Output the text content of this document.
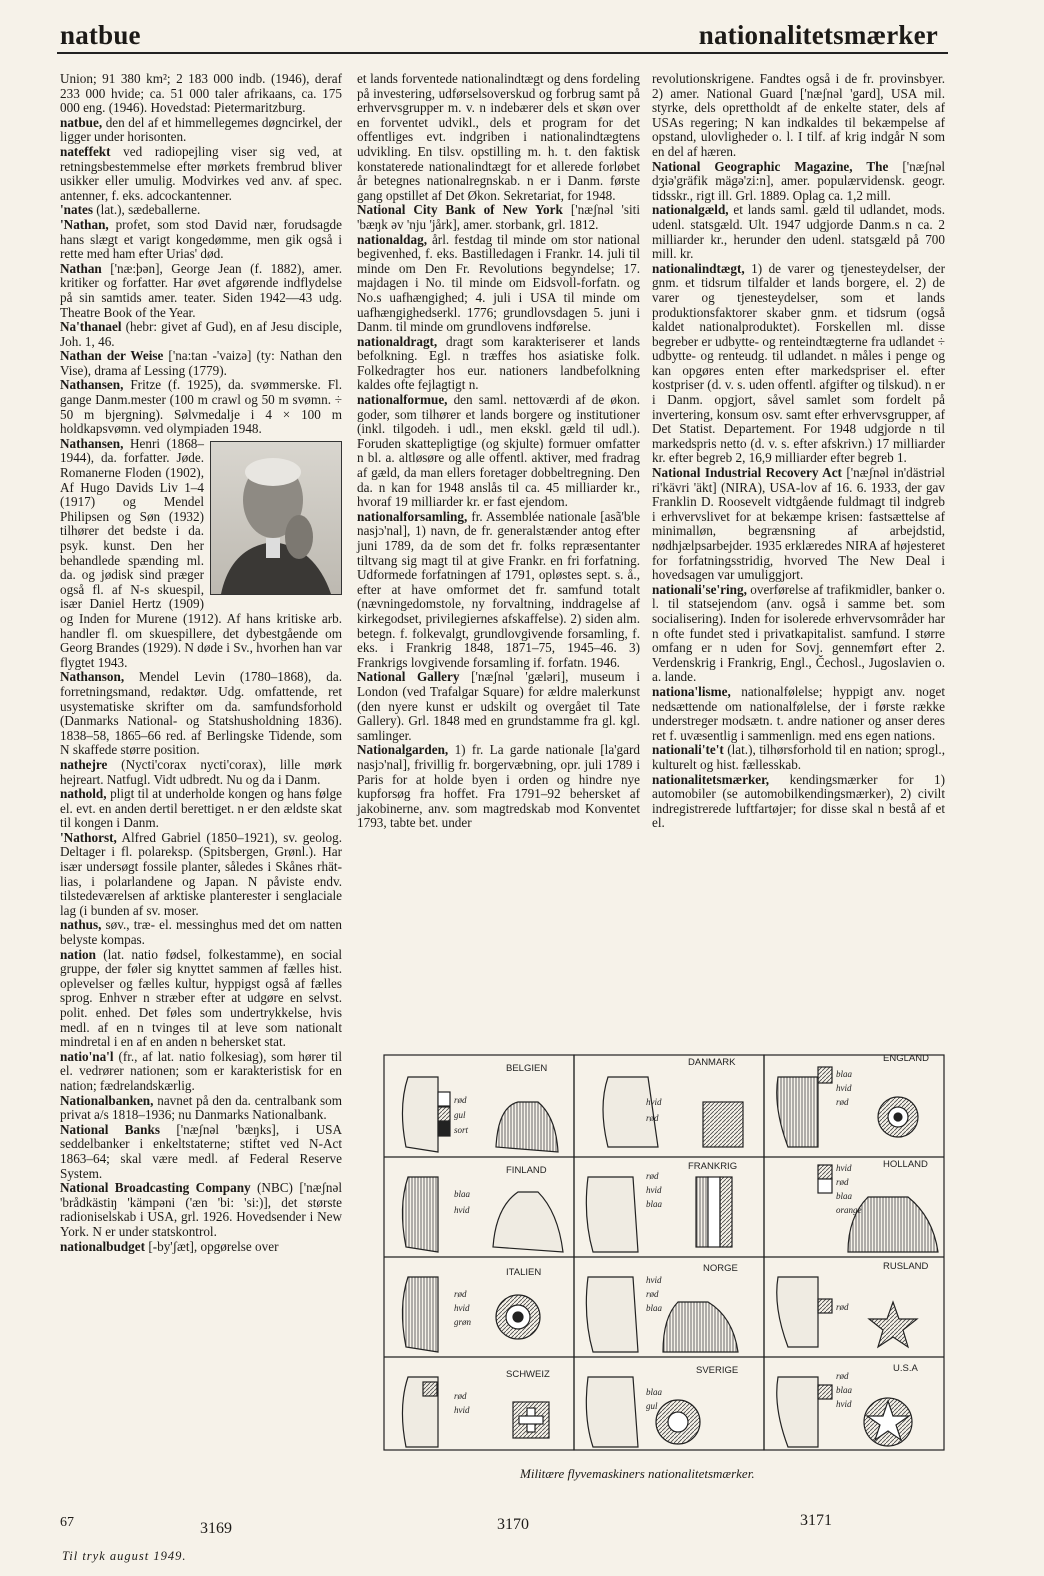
natbue	nationalitetsmærker

Union; 91 380 km²; 2 183 000 indb. (1946), deraf 233 000 hvide; ca. 51 000 taler afrikaans, ca. 175 000 eng. (1946). Hovedstad: Pietermaritzburg.

natbue, den del af et himmellegemes døgncirkel, der ligger under horisonten.

nateffekt ved radiopejling viser sig ved, at retningsbestemmelse efter mørkets frembrud bliver usikker eller umulig. Modvirkes ved anv. af spec. antenner, f. eks. adcockantenner.

'nates (lat.), sædeballerne.

'Nathan, profet, som stod David nær, forudsagde hans slægt et varigt kongedømme, men gik også i rette med ham efter Urias' død.

Nathan ['næ:þən], George Jean (f. 1882), amer. kritiker og forfatter. Har øvet afgørende indflydelse på sin samtids amer. teater. Siden 1942—43 udg. Theatre Book of the Year.

Na'thanael (hebr: givet af Gud), en af Jesu disciple, Joh. 1, 46.

Nathan der Weise ['na:tan -'vaizə] (ty: Nathan den Vise), drama af Lessing (1779).

Nathansen, Fritze (f. 1925), da. svømmerske. Fl. gange Danm.mester (100 m crawl og 50 m svømn. ÷ 50 m bjergning). Sølvmedalje i 4 × 100 m holdkapsvømn. ved olympiaden 1948.

Nathansen, Henri (1868–1944), da. forfatter. Jøde. Romanerne Floden (1902), Af Hugo Davids Liv 1–4 (1917) og Mendel Philipsen og Søn (1932) tilhører det bedste i da. psyk. kunst. Den her behandlede spænding ml. da. og jødisk sind præger også fl. af N-s skuespil, især Daniel Hertz (1909) og Inden for Murene (1912). Af hans kritiske arb. handler fl. om skuespillere, det dybestgående om Georg Brandes (1929). N døde i Sv., hvorhen han var flygtet 1943.

Nathanson, Mendel Levin (1780–1868), da. forretningsmand, redaktør. Udg. omfattende, ret usystematiske skrifter om da. samfundsforhold (Danmarks National- og Statshusholdning 1836). 1838–58, 1865–66 red. af Berlingske Tidende, som N skaffede større position.

nathejre (Nycti'corax nycti'corax), lille mørk hejreart. Natfugl. Vidt udbredt. Nu og da i Danm.

nathold, pligt til at underholde kongen og hans følge el. evt. en anden dertil berettiget. n er den ældste skat til kongen i Danm.

'Nathorst, Alfred Gabriel (1850–1921), sv. geolog. Deltager i fl. polareksp. (Spitsbergen, Grønl.). Har især undersøgt fossile planter, således i Skånes rhät-lias, i polarlandene og Japan. N påviste endv. tilstedeværelsen af arktiske planterester i senglaciale lag (i bunden af sv. moser.

nathus, søv., træ- el. messinghus med det om natten belyste kompas.

nation (lat. natio fødsel, folkestamme), en social gruppe, der føler sig knyttet sammen af fælles hist. oplevelser og fælles kultur, hyppigst også af fælles sprog. Enhver n stræber efter at udgøre en selvst. polit. enhed. Det føles som undertrykkelse, hvis medl. af en n tvinges til at leve som nationalt mindretal i en af en anden n behersket stat.

natio'na'l (fr., af lat. natio folkesiag), som hører til el. vedrører nationen; som er karakteristisk for en nation; fædrelandskærlig.

Nationalbanken, navnet på den da. centralbank som privat a/s 1818–1936; nu Danmarks Nationalbank.

National Banks ['næʃnəl 'bæŋks], i USA seddelbanker i enkeltstaterne; stiftet ved N-Act 1863–64; skal være medl. af Federal Reserve System.

National Broadcasting Company (NBC) ['næʃnəl 'brådkästiŋ 'kämpəni ('æn 'bi: 'si:)], det største radioniselskab i USA, grl. 1926. Hovedsender i New York. N er under statskontrol.

nationalbudget [-by'ʃæt], opgørelse over

et lands forventede nationalindtægt og dens fordeling på investering, udførselsoverskud og forbrug samt på erhvervsgrupper m. v. n indebærer dels et skøn over en forventet udvikl., dels et program for det offentliges evt. indgriben i nationalindtægtens udvikling. En tilsv. opstilling m. h. t. den faktisk konstaterede nationalindtægt for et allerede forløbet år betegnes nationalregnskab. n er i Danm. første gang opstillet af Det Økon. Sekretariat, for 1948.

National City Bank of New York ['næʃnəl 'siti 'bæŋk əv 'nju 'jårk], amer. storbank, grl. 1812.

nationaldag, årl. festdag til minde om stor national begivenhed, f. eks. Bastilledagen i Frankr. 14. juli til minde om Den Fr. Revolutions begyndelse; 17. majdagen i No. til minde om Eidsvoll-forfatn. og No.s uafhængighed; 4. juli i USA til minde om uafhængighedserkl. 1776; grundlovsdagen 5. juni i Danm. til minde om grundlovens indførelse.

nationaldragt, dragt som karakteriserer et lands befolkning. Egl. n træffes hos asiatiske folk. Folkedragter hos eur. nationers landbefolkning kaldes ofte fejlagtigt n.

nationalformue, den saml. nettoværdi af de økon. goder, som tilhører et lands borgere og institutioner (inkl. tilgodeh. i udl., men ekskl. gæld til udl.). Foruden skattepligtige (og skjulte) formuer omfatter n bl. a. altløsøre og alle offentl. aktiver, med fradrag af gæld, da man ellers foretager dobbeltregning. Den da. n kan for 1948 anslås til ca. 45 milliarder kr., hvoraf 19 milliarder kr. er fast ejendom.

nationalforsamling, fr. Assemblée nationale [asã'ble nasjɔ'nal], 1) navn, de fr. generalstænder antog efter juni 1789, da de som det fr. folks repræsentanter tiltvang sig magt til at give Frankr. en fri forfatning. Udformede forfatningen af 1791, opløstes sept. s. å., efter at have omformet det fr. samfund totalt (nævningedomstole, ny forvaltning, inddragelse af kirkegodset, privilegiernes afskaffelse). 2) siden alm. betegn. f. folkevalgt, grundlovgivende forsamling, f. eks. i Frankrig 1848, 1871–75, 1945–46. 3) Frankrigs lovgivende forsamling if. forfatn. 1946.

National Gallery ['næʃnəl 'gæləri], museum i London (ved Trafalgar Square) for ældre malerkunst (den nyere kunst er udskilt og overgået til Tate Gallery). Grl. 1848 med en grundstamme fra gl. kgl. samlinger.

Nationalgarden, 1) fr. La garde nationale [la'gard nasjɔ'nal], frivillig fr. borgervæbning, opr. juli 1789 i Paris for at holde byen i orden og hindre nye kupforsøg fra hoffet. Fra 1791–92 behersket af jakobinerne, anv. som magtredskab mod Konventet 1793, tabte bet. under

revolutionskrigene. Fandtes også i de fr. provinsbyer. 2) amer. National Guard ['næʃnəl 'gard], USA mil. styrke, dels oprettholdt af de enkelte stater, dels af USAs regering; N kan indkaldes til bekæmpelse af opstand, ulovligheder o. l. I tilf. af krig indgår N som en del af hæren.

National Geographic Magazine, The ['næʃnəl dʒiə'gräfik mägə'zi:n], amer. populærvidensk. geogr. tidsskr., rigt ill. Grl. 1889. Oplag ca. 1,2 mill.

nationalgæld, et lands saml. gæld til udlandet, mods. udenl. statsgæld. Ult. 1947 udgjorde Danm.s n ca. 2 milliarder kr., herunder den udenl. statsgæld på 700 mill. kr.

nationalindtægt, 1) de varer og tjenesteydelser, der gnm. et tidsrum tilfalder et lands borgere, el. 2) de varer og tjenesteydelser, som et lands produktionsfaktorer skaber gnm. et tidsrum (også kaldet nationalproduktet). Forskellen ml. disse begreber er udbytte- og renteindtægterne fra udlandet ÷ udbytte- og renteudg. til udlandet. n måles i penge og kan opgøres enten efter markedspriser el. efter kostpriser (d. v. s. uden offentl. afgifter og tilskud). n er i Danm. opgjort, såvel samlet som fordelt på invertering, konsum osv. samt efter erhvervsgrupper, af Det Statist. Departement. For 1948 udgjorde n til markedspris netto (d. v. s. efter afskrivn.) 17 milliarder kr. efter begreb 2, 16,9 milliarder efter begreb 1.

National Industrial Recovery Act ['næʃnəl in'dästriəl ri'kävri 'äkt] (NIRA), USA-lov af 16. 6. 1933, der gav Franklin D. Roosevelt vidtgående fuldmagt til indgreb i erhvervslivet for at bekæmpe krisen: fastsættelse af minimalløn, begrænsning af arbejdstid, nødhjælpsarbejder. 1935 erklæredes NIRA af højesteret for forfatningsstridig, hvorved The New Deal i hovedsagen var umuliggjort.

nationali'se'ring, overførelse af trafikmidler, banker o. l. til statsejendom (anv. også i samme bet. som socialisering). Inden for isolerede erhvervsområder har n ofte fundet sted i privatkapitalist. samfund. I større omfang er n uden for Sovj. gennemført efter 2. Verdenskrig i Frankrig, Engl., Čechosl., Jugoslavien o. a. lande.

nationa'lisme, nationalfølelse; hyppigt anv. noget nedsættende om nationalfølelse, der i første række understreger modsætn. t. andre nationer og anser deres ret f. uvæsentlig i sammenlign. med ens egen nations.

nationali'te't (lat.), tilhørsforhold til en nation; sprogl., kulturelt og hist. fællesskab.

nationalitetsmærker, kendingsmærker for 1) automobiler (se automobilkendingsmærker), 2) civilt indregistrerede luftfartøjer; for disse skal n bestå af et el.

BELGIEN
DANMARK	ENGLAND
FINLAND	FRANKRIG	HOLLAND
ITALIEN	NORGE	RUSLAND
SCHWEIZ	SVERIGE	U.S.A
rød
gul
sort
hvid
rød
blaa
hvid
rød
blaa
hvid
rød
hvid
blaa
hvid
rød
blaa
orange
rød
hvid
grøn
hvid
rød
blaa	rød
rød
hvid
blaa
gul
rød
blaa
hvid
Militære flyvemaskiners nationalitetsmærker.
67	3169	3170	3171
Til tryk august 1949.
